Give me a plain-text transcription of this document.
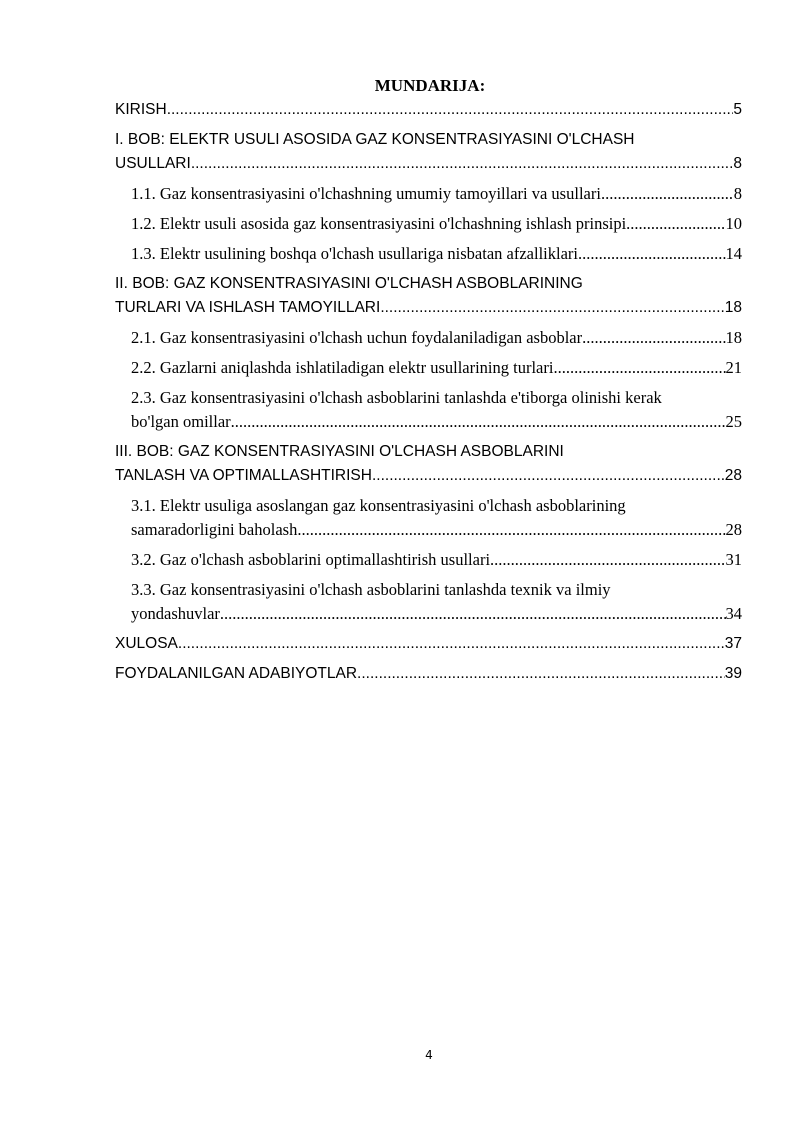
MUNDARIJA:
KIRISH .....	5
I. BOB: ELEKTR USULI ASOSIDA GAZ KONSENTRASIYASINI O'LCHASH
USULLARI .....	8
1.1. Gaz konsentrasiyasini o'lchashning umumiy tamoyillari va usullari .....	8
1.2. Elektr usuli asosida gaz konsentrasiyasini o'lchashning ishlash prinsipi .....	10
1.3. Elektr usulining boshqa o'lchash usullariga nisbatan afzalliklari .....	14
II. BOB: GAZ KONSENTRASIYASINI O'LCHASH ASBOBLARINING
TURLARI VA ISHLASH TAMOYILLARI .....	18
2.1. Gaz konsentrasiyasini o'lchash uchun foydalaniladigan asboblar .....	18
2.2. Gazlarni aniqlashda ishlatiladigan elektr usullarining turlari .....	21
2.3. Gaz konsentrasiyasini o'lchash asboblarini tanlashda e'tiborga olinishi kerak
bo'lgan omillar .....	25
III. BOB: GAZ KONSENTRASIYASINI O'LCHASH ASBOBLARINI
TANLASH VA OPTIMALLASHTIRISH .....	28
3.1. Elektr usuliga asoslangan gaz konsentrasiyasini o'lchash asboblarining
samaradorligini baholash .....	28
3.2. Gaz o'lchash asboblarini optimallashtirish usullari .....	31
3.3. Gaz konsentrasiyasini o'lchash asboblarini tanlashda texnik va ilmiy
yondashuvlar .....	34
XULOSA .....	37
FOYDALANILGAN ADABIYOTLAR .....	39
4
